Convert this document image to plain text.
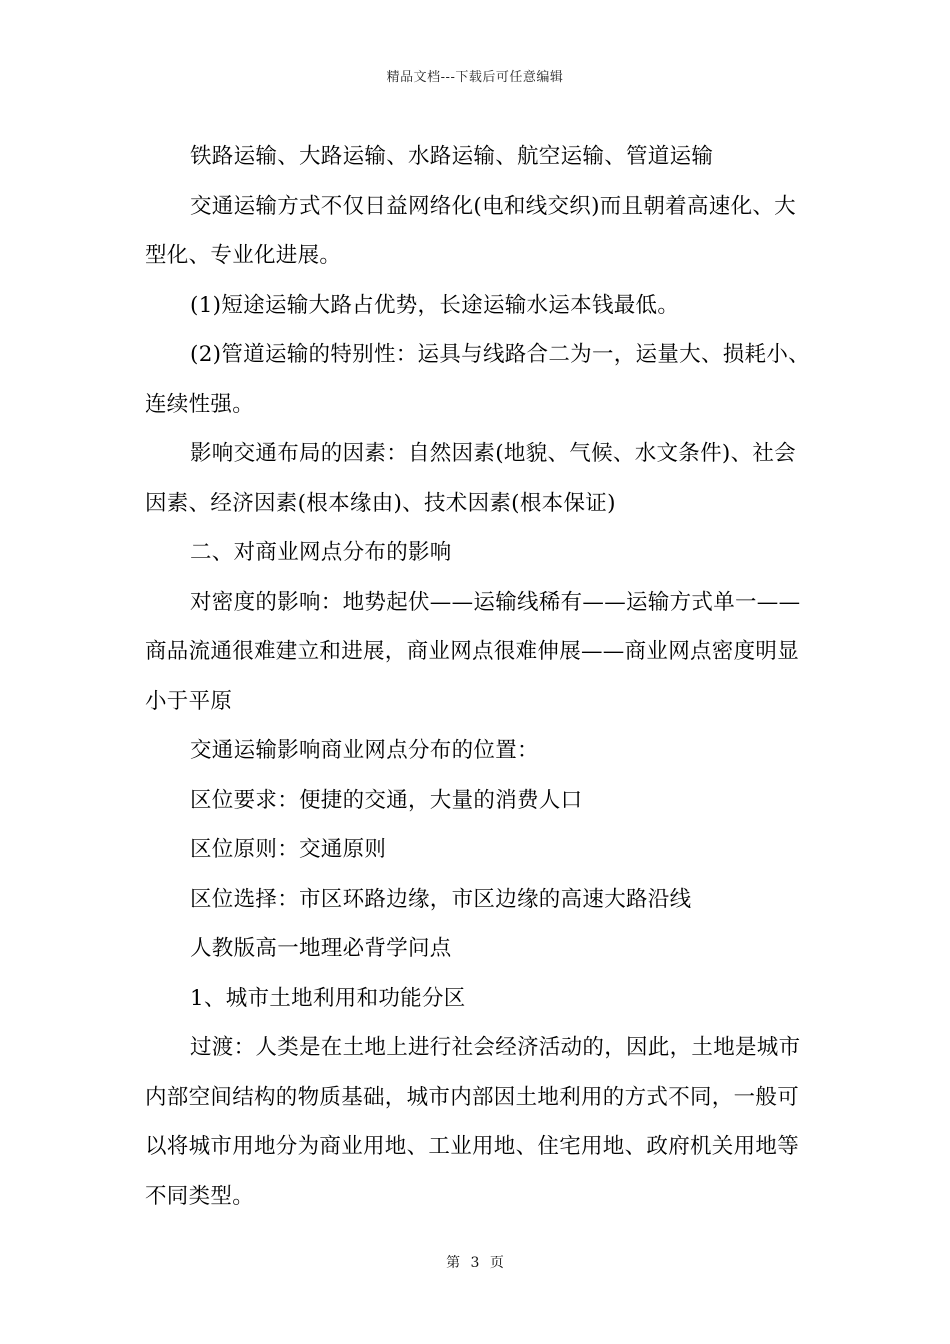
精品文档---下载后可任意编辑

铁路运输、大路运输、水路运输、航空运输、管道运输

交通运输方式不仅日益网络化(电和线交织)而且朝着高速化、大型化、专业化进展。

(1)短途运输大路占优势，长途运输水运本钱最低。

(2)管道运输的特别性：运具与线路合二为一，运量大、损耗小、连续性强。

影响交通布局的因素：自然因素(地貌、气候、水文条件)、社会因素、经济因素(根本缘由)、技术因素(根本保证)

二、对商业网点分布的影响

对密度的影响：地势起伏——运输线稀有——运输方式单一——商品流通很难建立和进展，商业网点很难伸展——商业网点密度明显小于平原

交通运输影响商业网点分布的位置：

区位要求：便捷的交通，大量的消费人口

区位原则：交通原则

区位选择：市区环路边缘，市区边缘的高速大路沿线

人教版高一地理必背学问点

1、城市土地利用和功能分区

过渡：人类是在土地上进行社会经济活动的，因此，土地是城市内部空间结构的物质基础，城市内部因土地利用的方式不同，一般可以将城市用地分为商业用地、工业用地、住宅用地、政府机关用地等不同类型。

第 3 页
